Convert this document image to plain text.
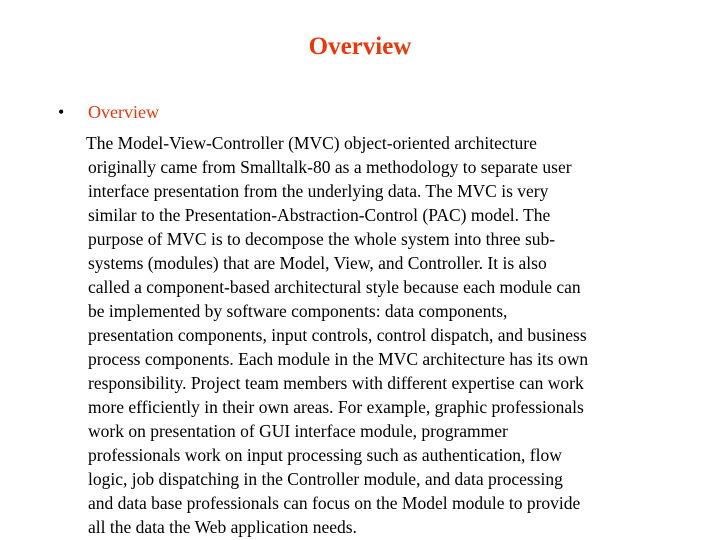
Overview
• Overview
The Model-View-Controller (MVC) object-oriented architecture
originally came from Smalltalk-80 as a methodology to separate user
interface presentation from the underlying data. The MVC is very
similar to the Presentation-Abstraction-Control (PAC) model. The
purpose of MVC is to decompose the whole system into three sub-
systems (modules) that are Model, View, and Controller. It is also
called a component-based architectural style because each module can
be implemented by software components: data components,
presentation components, input controls, control dispatch, and business
process components. Each module in the MVC architecture has its own
responsibility. Project team members with different expertise can work
more efficiently in their own areas. For example, graphic professionals
work on presentation of GUI interface module, programmer
professionals work on input processing such as authentication, flow
logic, job dispatching in the Controller module, and data processing
and data base professionals can focus on the Model module to provide
all the data the Web application needs.
